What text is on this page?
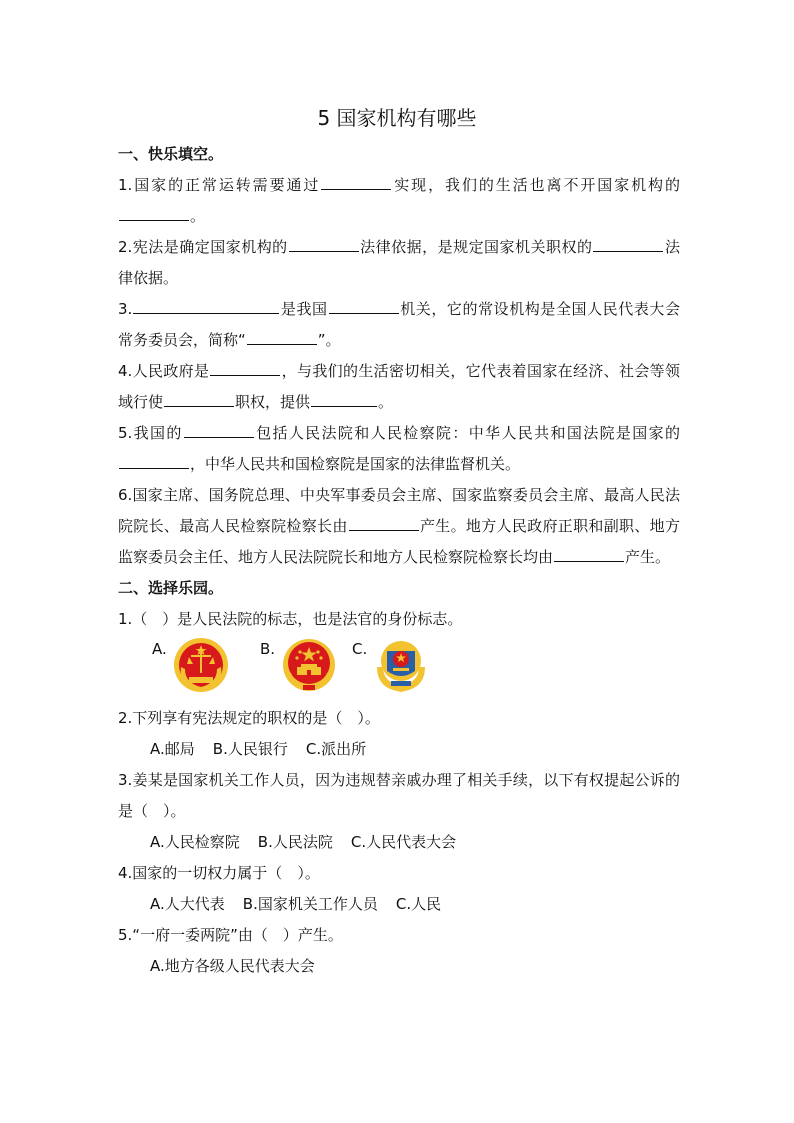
5 国家机构有哪些

一、快乐填空。

1.国家的正常运转需要通过	实现，我们的生活也离不开国家机构的。

2.宪法是确定国家机构的	法律依据，是规定国家机关职权的	法律依据。

3.	是我国	机关，它的常设机构是全国人民代表大会常务委员会，简称“	”。

4.人民政府是	，与我们的生活密切相关，它代表着国家在经济、社会等领域行使	职权，提供	。

5.我国的	包括人民法院和人民检察院：中华人民共和国法院是国家的，中华人民共和国检察院是国家的法律监督机关。

6.国家主席、国务院总理、中央军事委员会主席、国家监察委员会主席、最高人民法院院长、最高人民检察院检察长由	产生。地方人民政府正职和副职、地方监察委员会主任、地方人民法院院长和地方人民检察院检察长均由	产生。

二、选择乐园。

1.（　）是人民法院的标志，也是法官的身份标志。

A.	B.	C.

2.下列享有宪法规定的职权的是（　）。

A.邮局 B.人民银行 C.派出所

3.姜某是国家机关工作人员，因为违规替亲戚办理了相关手续，以下有权提起公诉的是（　）。

A.人民检察院 B.人民法院 C.人民代表大会

4.国家的一切权力属于（　）。

A.人大代表 B.国家机关工作人员 C.人民

5.“一府一委两院”由（　）产生。

A.地方各级人民代表大会
